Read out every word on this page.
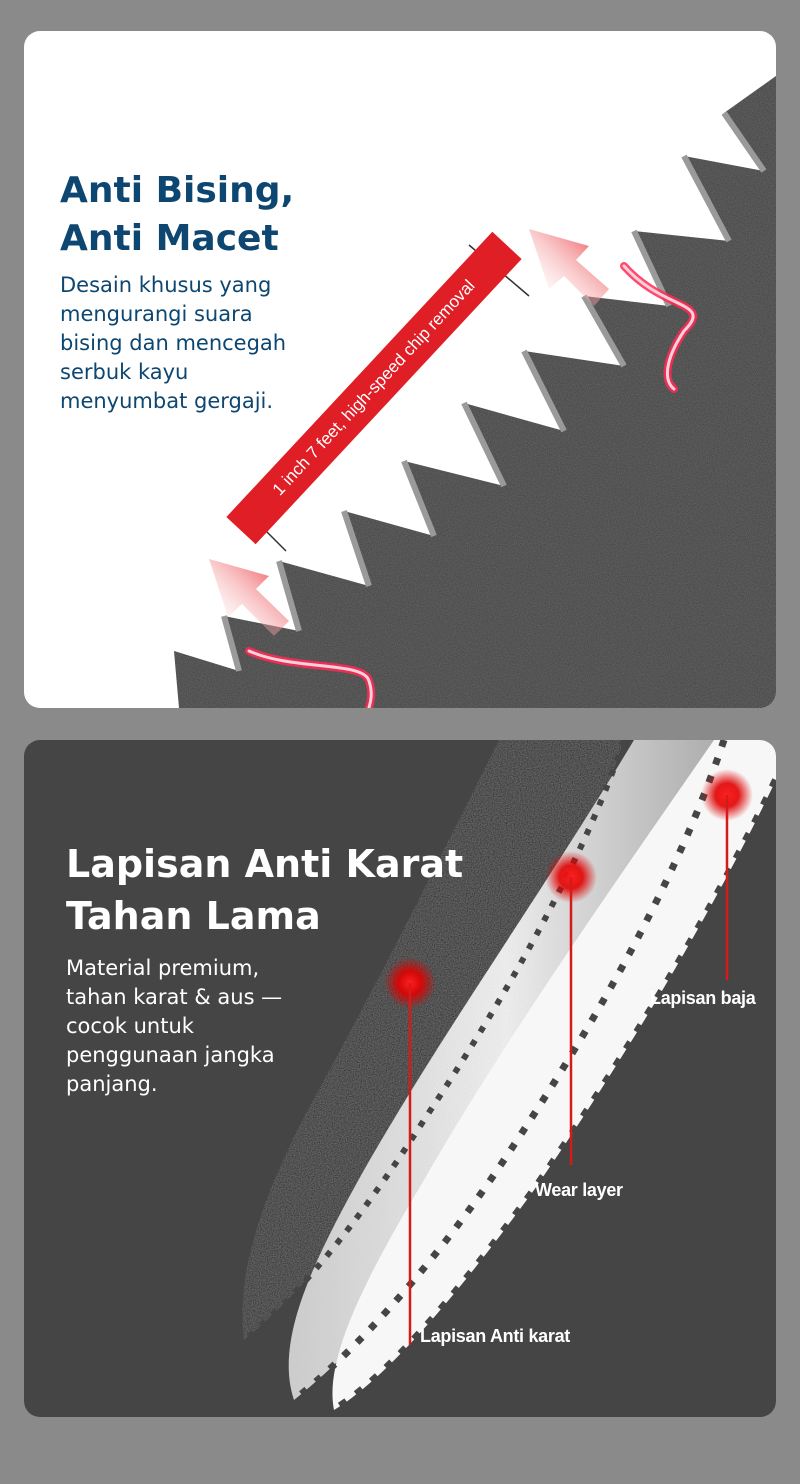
1 inch 7 feet, high-speed chip removal
Anti Bising,
Anti Macet

Desain khusus yang
mengurangi suara
bising dan mencegah
serbuk kayu
menyumbat gergaji.

Lapisan Anti Karat
Tahan Lama

Material premium,
tahan karat & aus —
cocok untuk
penggunaan jangka
panjang.

Lapisan baja
Wear layer
Lapisan Anti karat
